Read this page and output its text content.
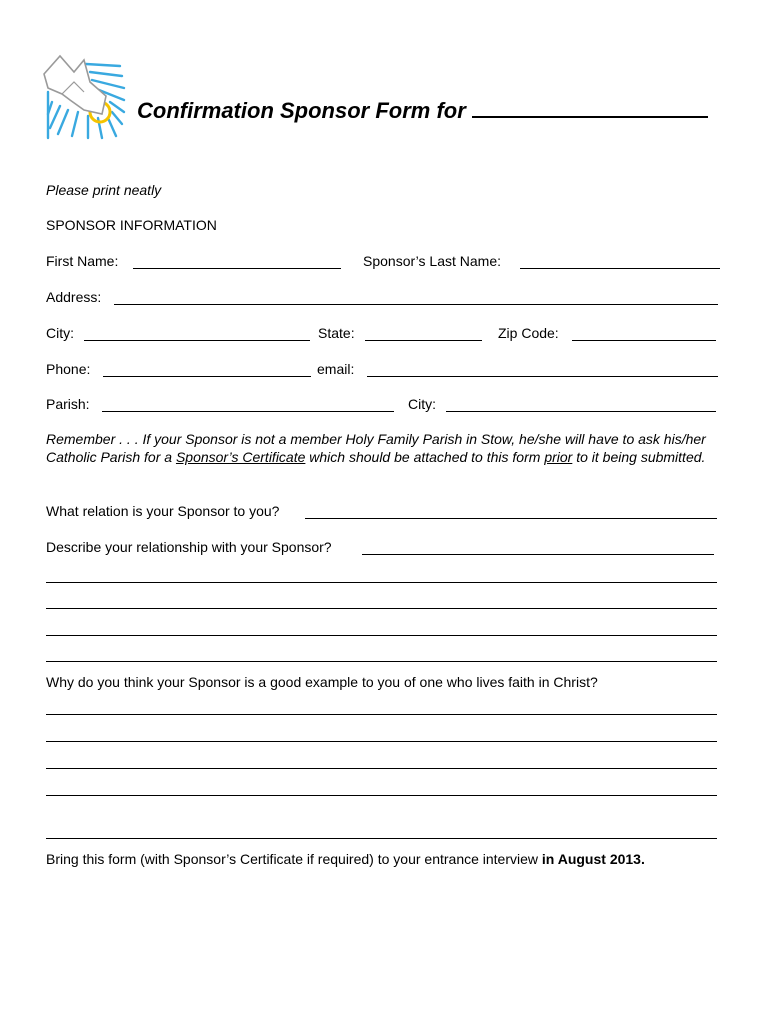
Confirmation Sponsor Form for
Please print neatly
SPONSOR INFORMATION
First Name:	Sponsor’s Last Name:
Address:
City:	State:	Zip Code:
Phone:	email:
Parish:	City:
Remember . . . If your Sponsor is not a member Holy Family Parish in Stow, he/she will have to ask his/her Catholic Parish for a Sponsor’s Certificate which should be attached to this form prior to it being submitted.
What relation is your Sponsor to you?
Describe your relationship with your Sponsor?
Why do you think your Sponsor is a good example to you of one who lives faith in Christ?
Bring this form (with Sponsor’s Certificate if required) to your entrance interview in August 2013.
